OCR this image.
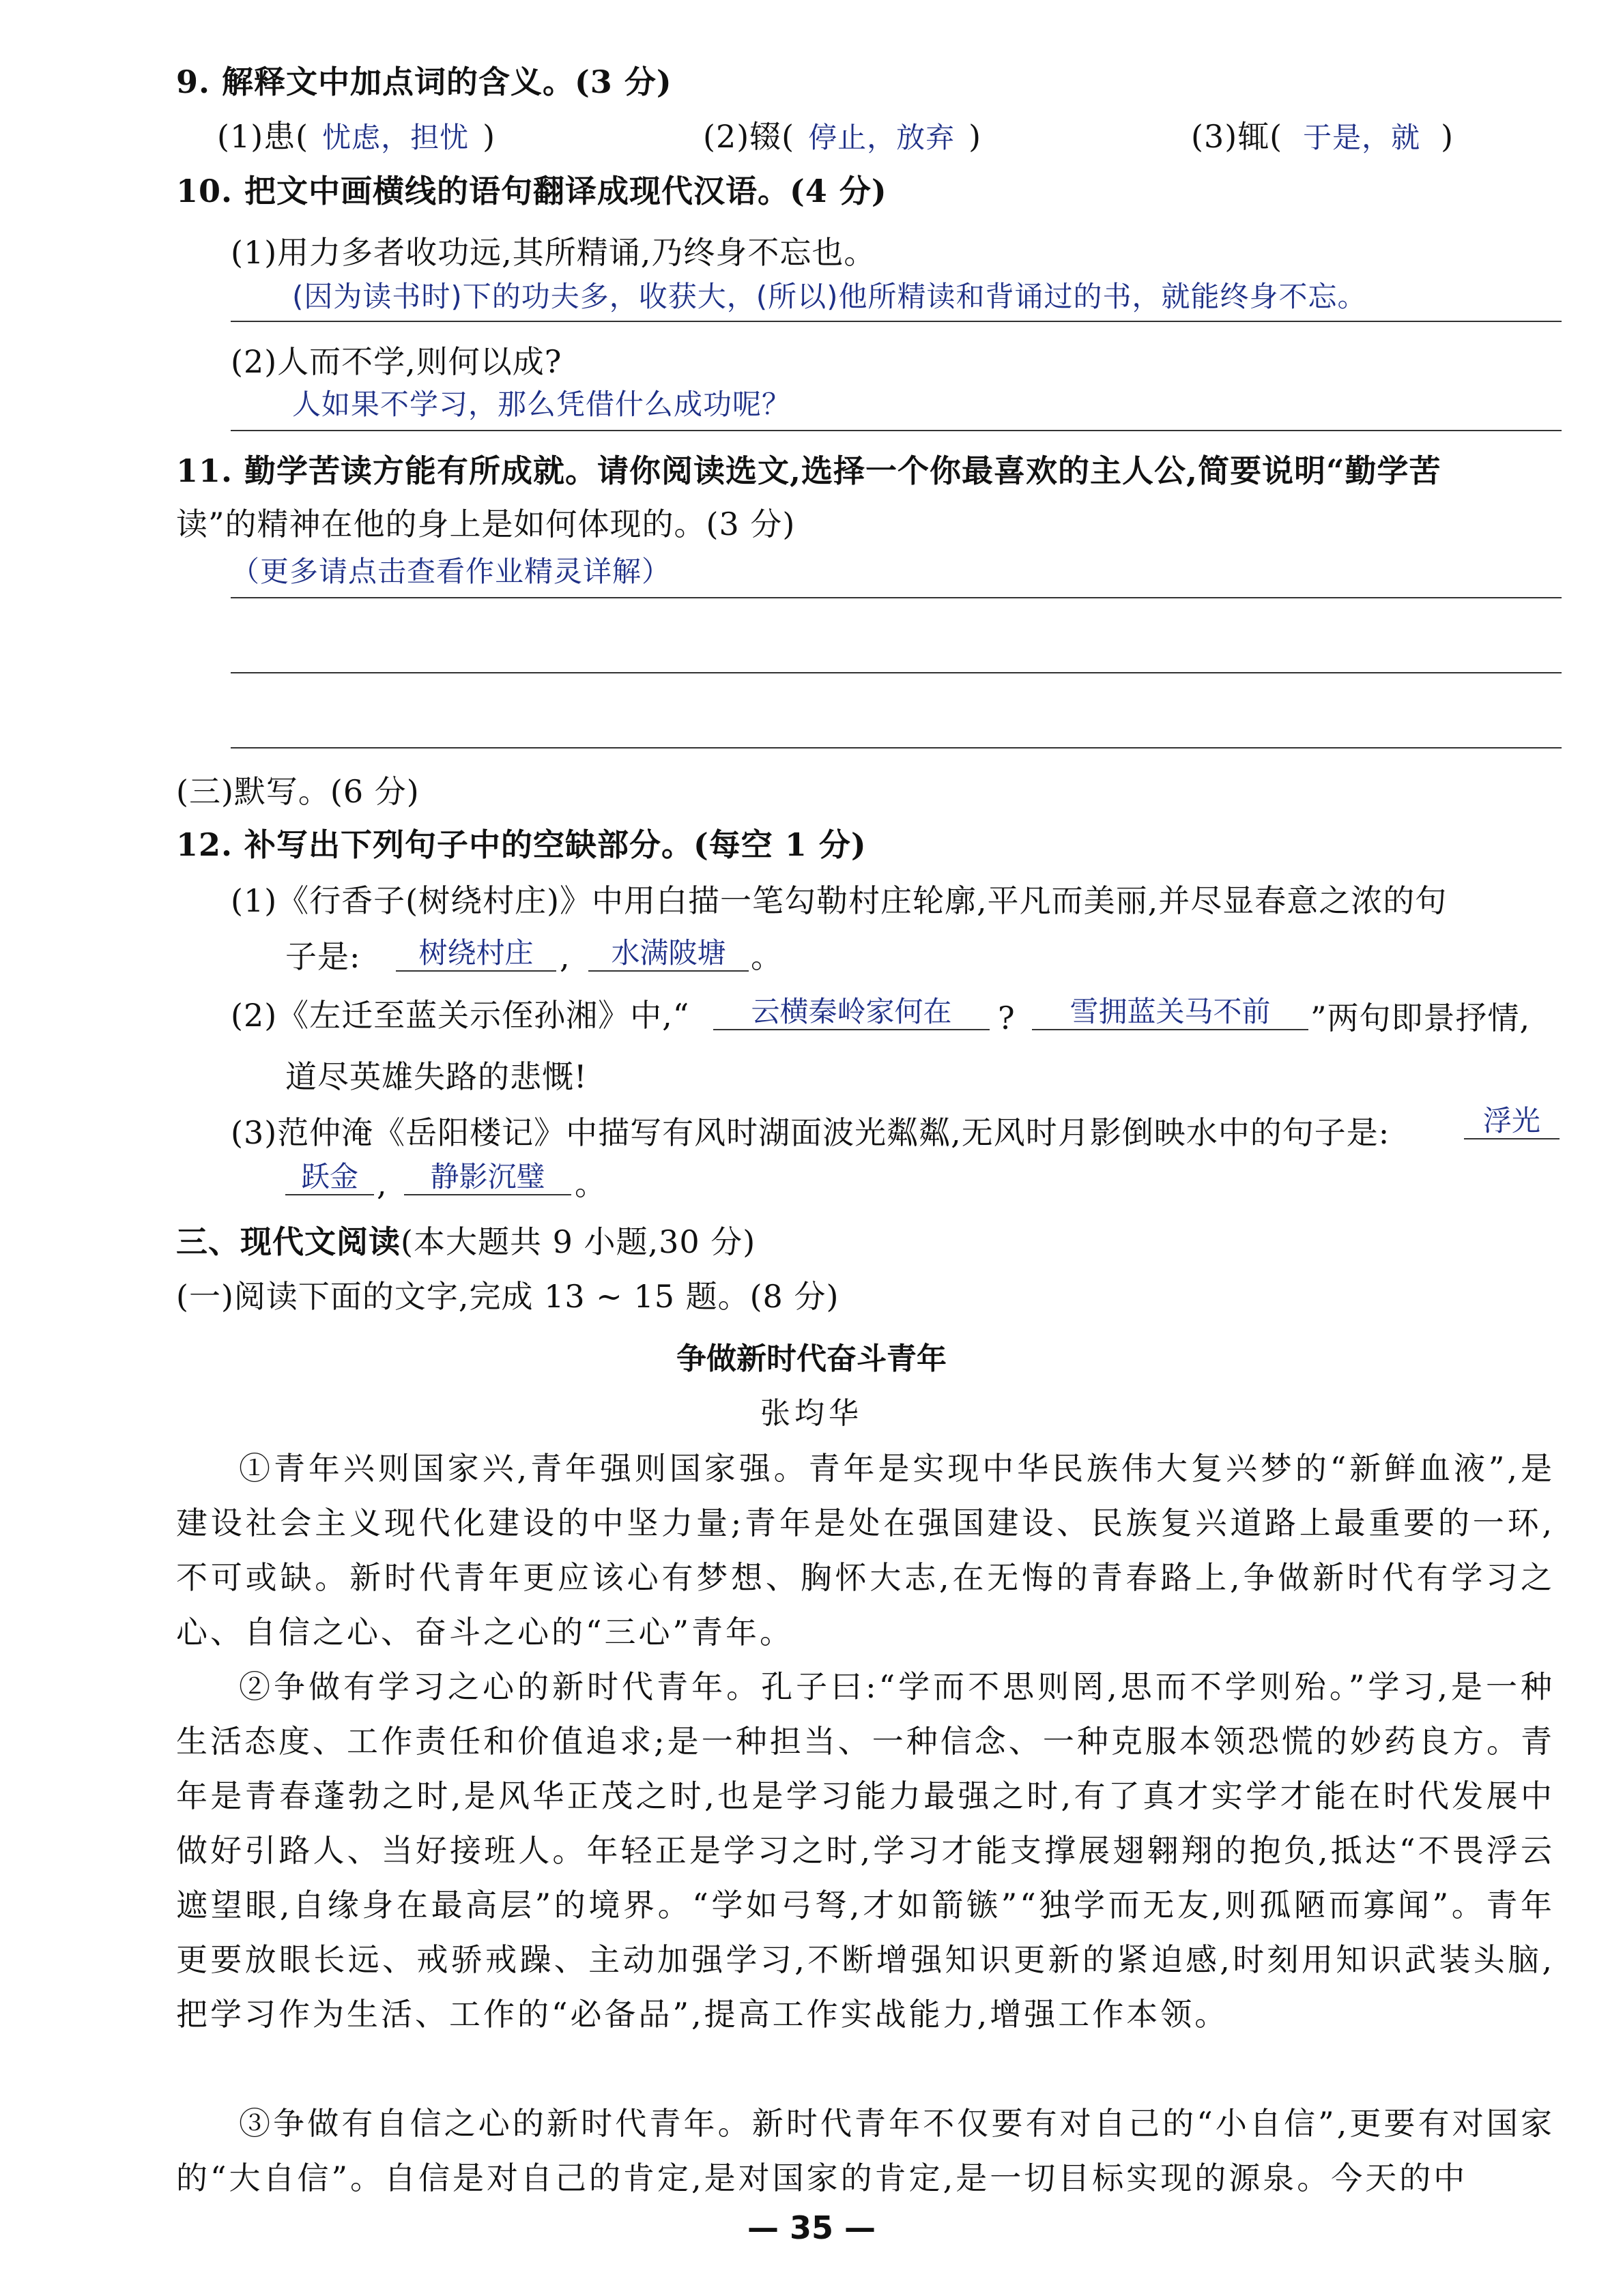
9. 解释文中加点词的含义。(3 分)
(1)患( 忧虑，担忧 )	(2)辍( 停止，放弃 )	(3)辄( 于是，就 )
10. 把文中画横线的语句翻译成现代汉语。(4 分)
(1)用力多者收功远,其所精诵,乃终身不忘也。
(因为读书时)下的功夫多，收获大，(所以)他所精读和背诵过的书，就能终身不忘。
(2)人而不学,则何以成?
人如果不学习，那么凭借什么成功呢？
11. 勤学苦读方能有所成就。请你阅读选文,选择一个你最喜欢的主人公,简要说明“勤学苦
读”的精神在他的身上是如何体现的。(3 分)
（更多请点击查看作业精灵详解）
(三)默写。(6 分)
12. 补写出下列句子中的空缺部分。(每空 1 分)
(1)《行香子(树绕村庄)》中用白描一笔勾勒村庄轮廓,平凡而美丽,并尽显春意之浓的句
子是:	树绕村庄 ,	水满陂塘 。
(2)《左迁至蓝关示侄孙湘》中,“	云横秦岭家何在	?	雪拥蓝关马不前	”两句即景抒情,
道尽英雄失路的悲慨!
(3)范仲淹《岳阳楼记》中描写有风时湖面波光粼粼,无风时月影倒映水中的句子是:	浮光
跃金 ,	静影沉璧 。
三、现代文阅读(本大题共 9 小题,30 分)
(一)阅读下面的文字,完成 13 ~ 15 题。(8 分)
争做新时代奋斗青年
张均华
①青年兴则国家兴,青年强则国家强。青年是实现中华民族伟大复兴梦的“新鲜血液”,是建设社会主义现代化建设的中坚力量;青年是处在强国建设、民族复兴道路上最重要的一环,不可或缺。新时代青年更应该心有梦想、胸怀大志,在无悔的青春路上,争做新时代有学习之心、自信之心、奋斗之心的“三心”青年。
②争做有学习之心的新时代青年。孔子曰:“学而不思则罔,思而不学则殆。”学习,是一种生活态度、工作责任和价值追求;是一种担当、一种信念、一种克服本领恐慌的妙药良方。青年是青春蓬勃之时,是风华正茂之时,也是学习能力最强之时,有了真才实学才能在时代发展中做好引路人、当好接班人。年轻正是学习之时,学习才能支撑展翅翱翔的抱负,抵达“不畏浮云遮望眼,自缘身在最高层”的境界。“学如弓弩,才如箭镞”“独学而无友,则孤陋而寡闻”。青年更要放眼长远、戒骄戒躁、主动加强学习,不断增强知识更新的紧迫感,时刻用知识武装头脑,把学习作为生活、工作的“必备品”,提高工作实战能力,增强工作本领。
③争做有自信之心的新时代青年。新时代青年不仅要有对自己的“小自信”,更要有对国家的“大自信”。自信是对自己的肯定,是对国家的肯定,是一切目标实现的源泉。今天的中
— 35 —
